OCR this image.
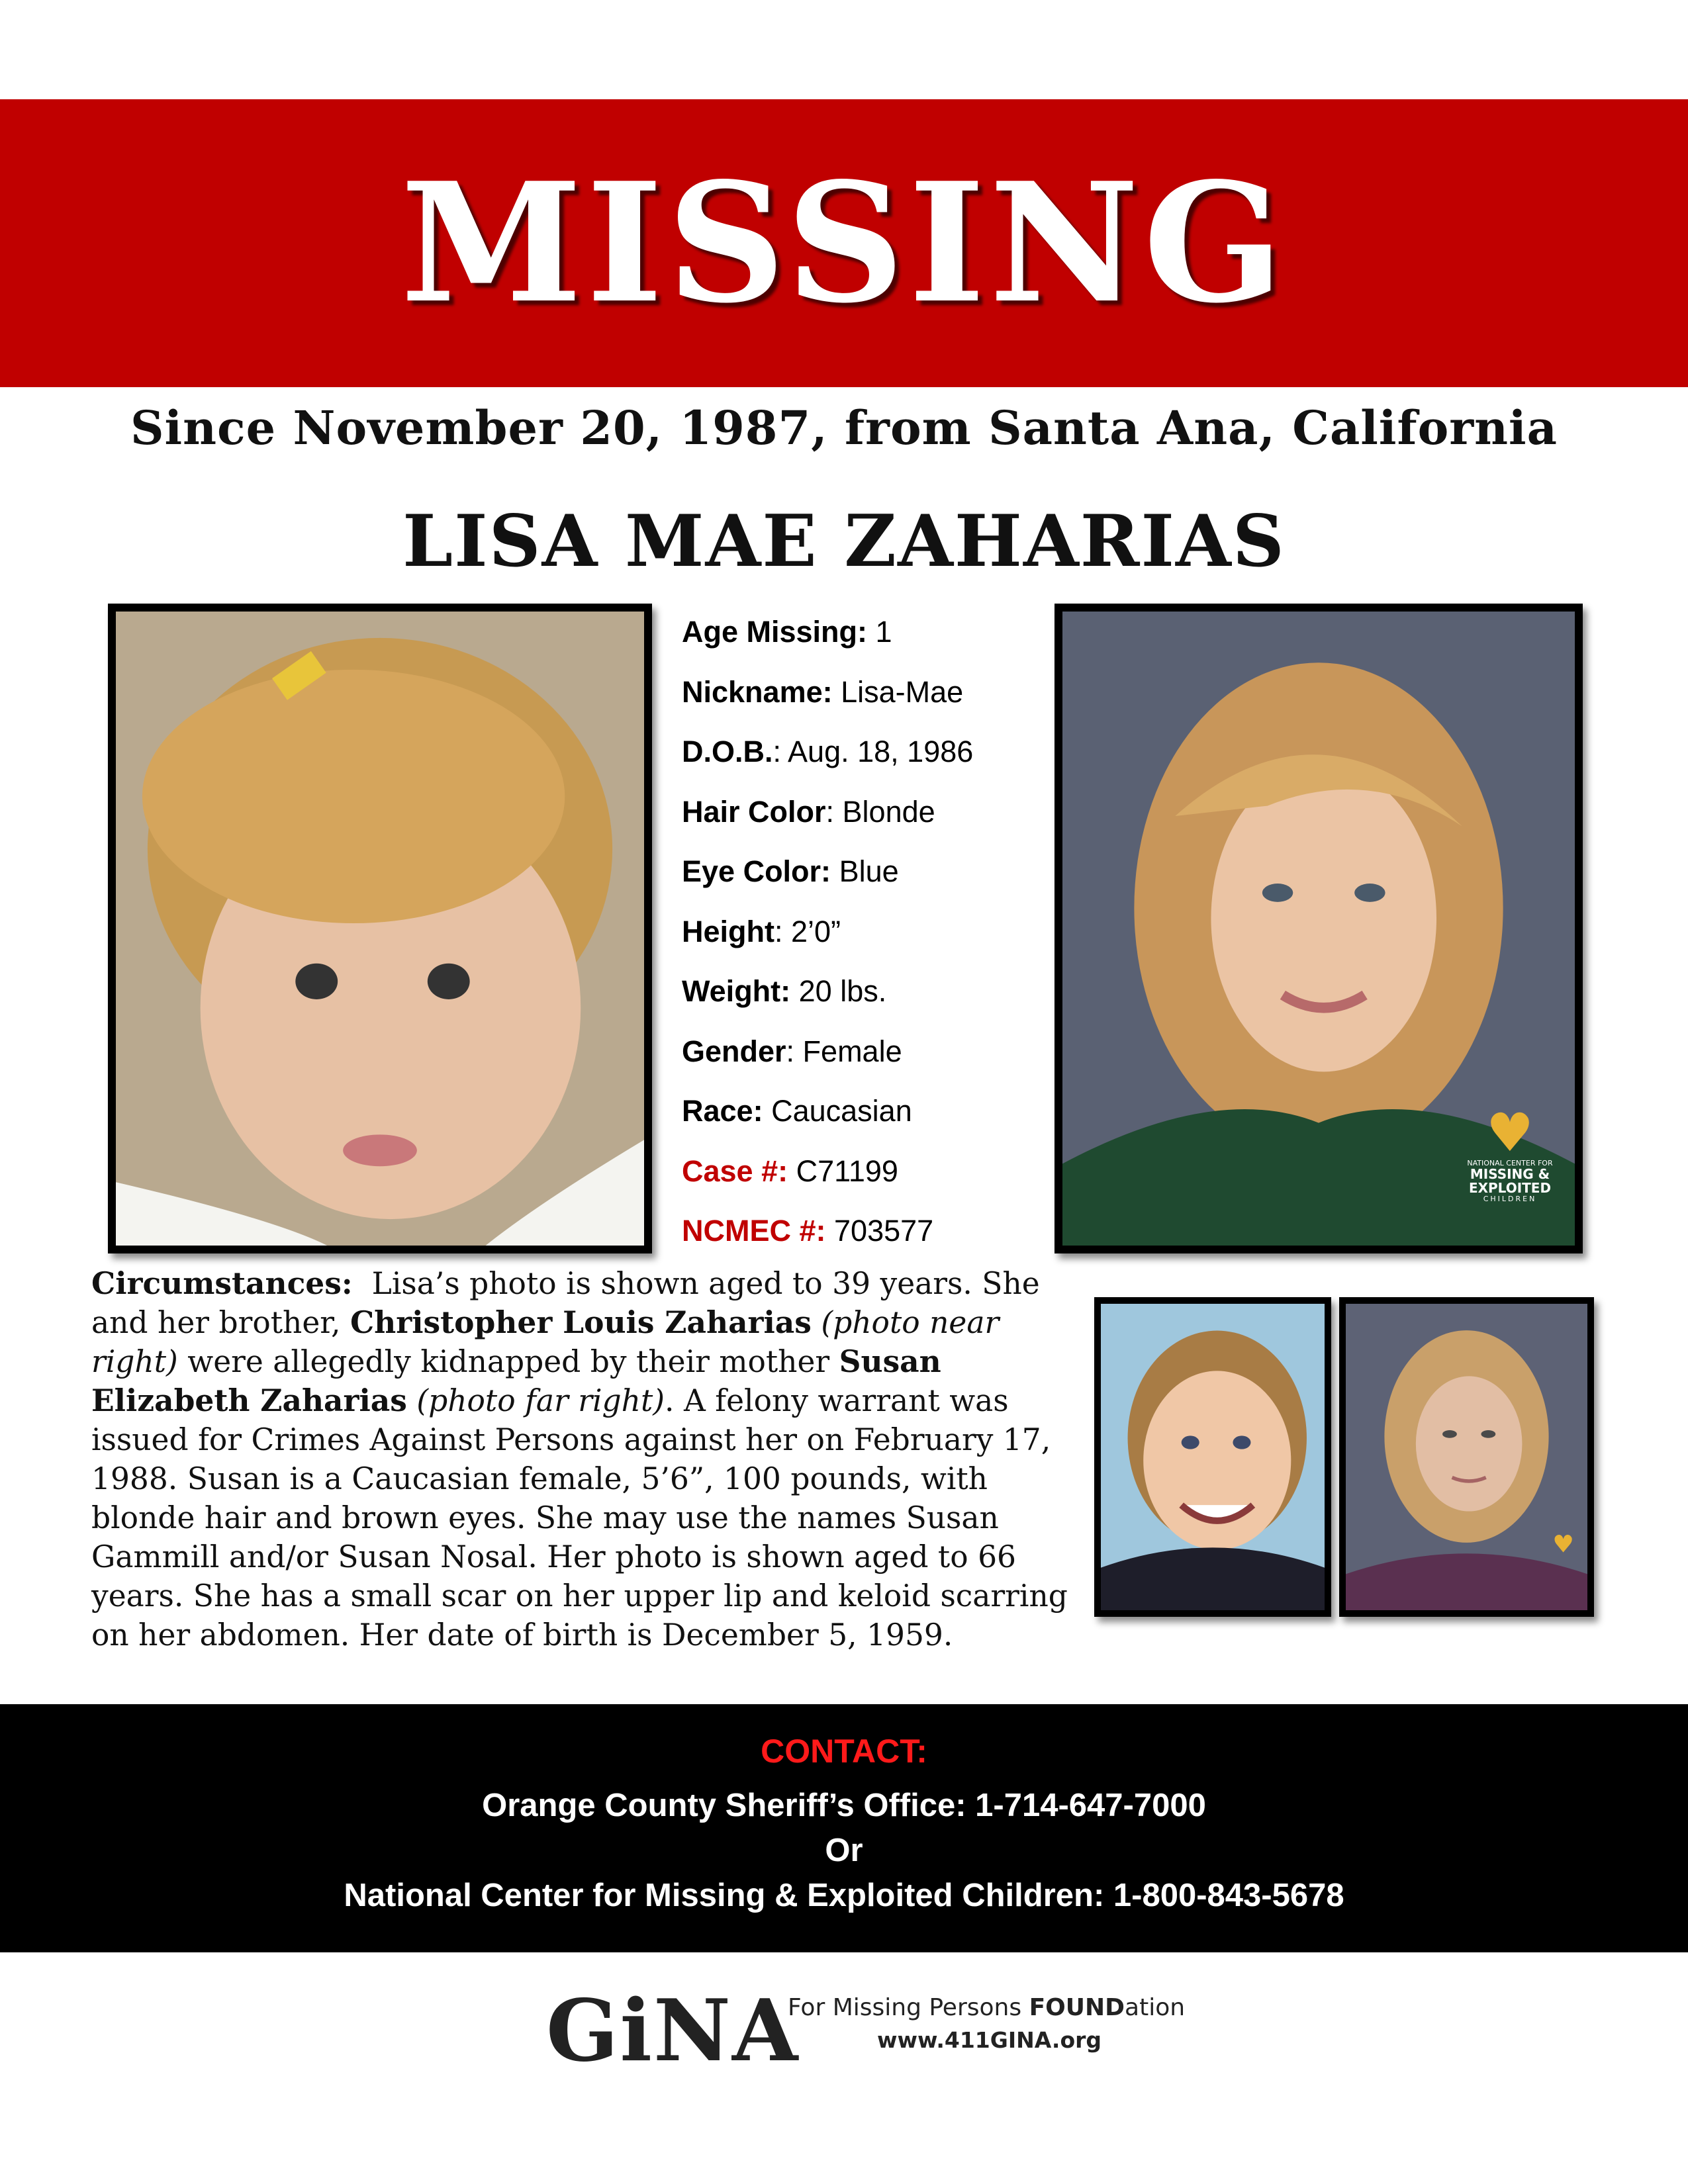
MISSING
Since November 20, 1987, from Santa Ana, California
LISA MAE ZAHARIAS
Age Missing: 1
Nickname: Lisa-Mae
D.O.B.: Aug. 18, 1986
Hair Color: Blonde
Eye Color: Blue
Height: 2’0”
Weight: 20 lbs.
Gender: Female
Race: Caucasian
Case #: C71199
NCMEC #: 703577
♥
NATIONAL CENTER FOR
MISSING &
EXPLOITED
CHILDREN
Circumstances: Lisa’s photo is shown aged to 39 years. She and her brother, Christopher Louis Zaharias (photo near right) were allegedly kidnapped by their mother Susan Elizabeth Zaharias (photo far right). A felony warrant was issued for Crimes Against Persons against her on February 17, 1988. Susan is a Caucasian female, 5’6”, 100 pounds, with blonde hair and brown eyes. She may use the names Susan Gammill and/or Susan Nosal. Her photo is shown aged to 66 years. She has a small scar on her upper lip and keloid scarring on her abdomen. Her date of birth is December 5, 1959.
♥
CONTACT:
Orange County Sheriff’s Office: 1-714-647-7000
Or
National Center for Missing & Exploited Children: 1-800-843-5678
GiNA
For Missing Persons FOUNDation
www.411GINA.org
